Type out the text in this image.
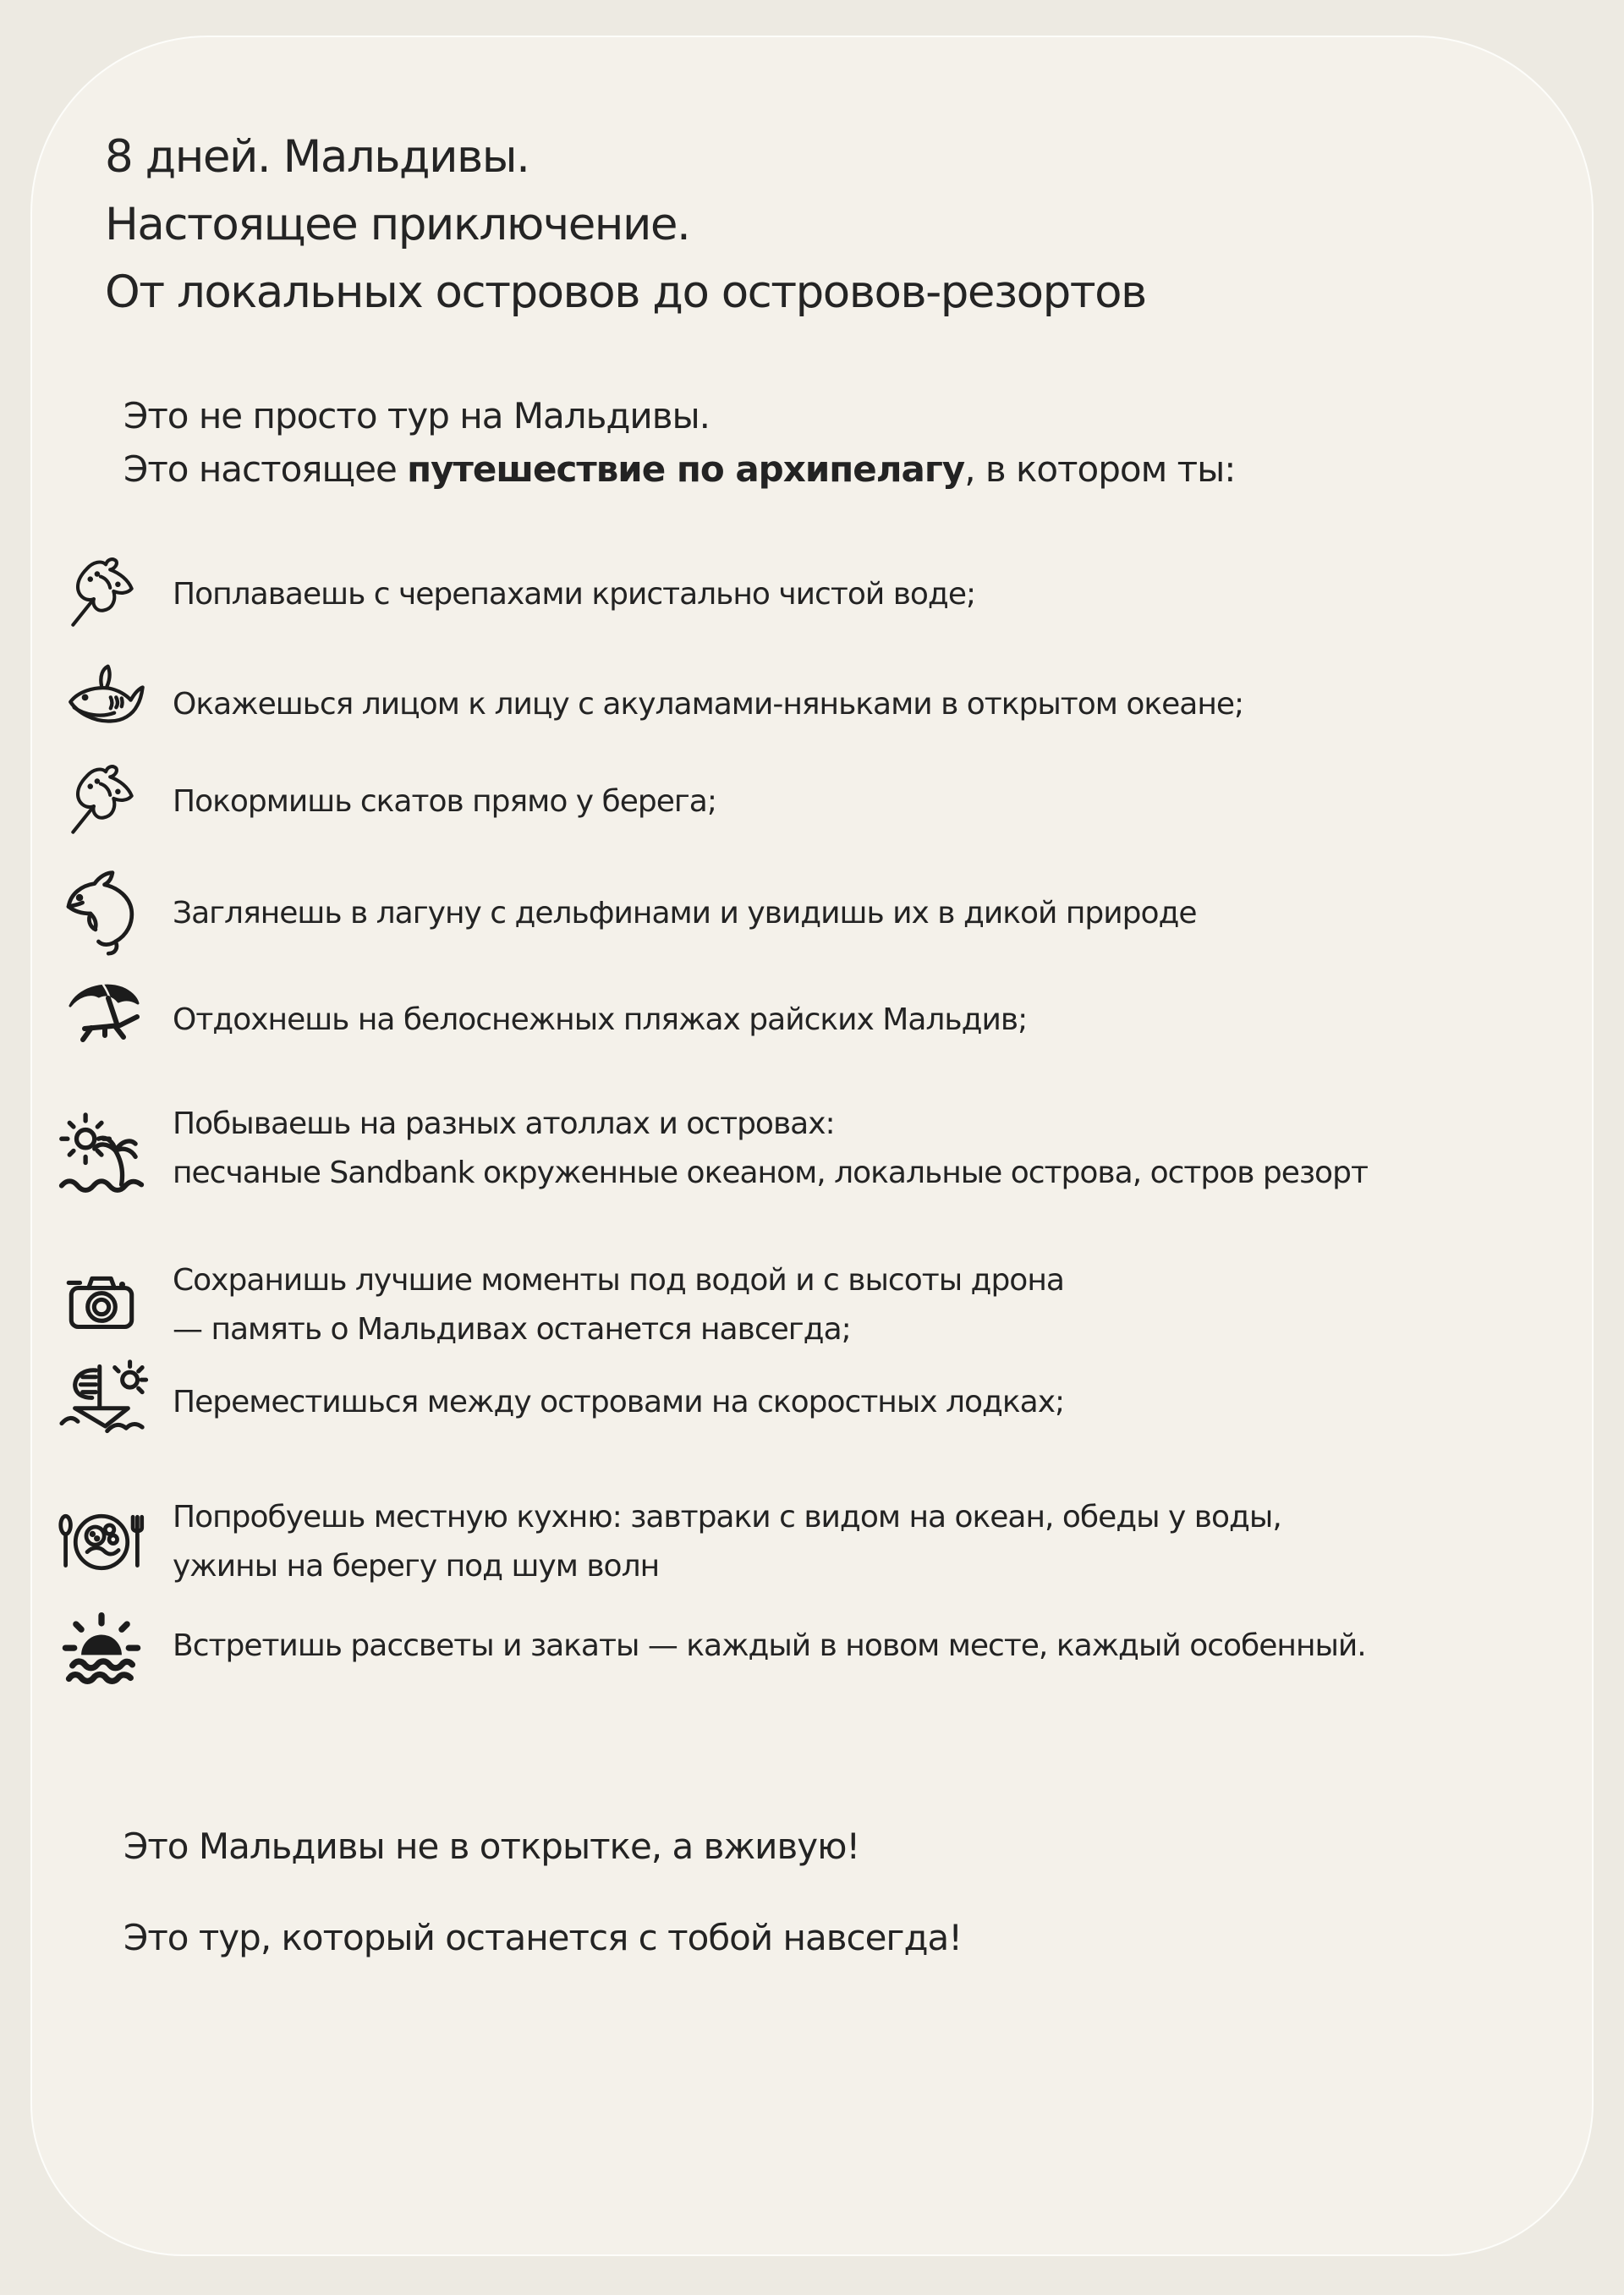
8 дней. Мальдивы.
Настоящее приключение.
От локальных островов до островов-резортов
Это не просто тур на Мальдивы.
Это настоящее путешествие по архипелагу, в котором ты:
Поплаваешь с черепахами кристально чистой воде;
Окажешься лицом к лицу с акуламами-няньками в открытом океане;
Покормишь скатов прямо у берега;
Заглянешь в лагуну с дельфинами и увидишь их в дикой природе
Отдохнешь на белоснежных пляжах райских Мальдив;
Побываешь на разных атоллах и островах:
песчаные Sandbank окруженные океаном, локальные острова, остров резорт
Сохранишь лучшие моменты под водой и с высоты дрона
— память о Мальдивах останется навсегда;
Переместишься между островами на скоростных лодках;
Попробуешь местную кухню: завтраки с видом на океан, обеды у воды,
ужины на берегу под шум волн
Встретишь рассветы и закаты — каждый в новом месте, каждый особенный.
Это Мальдивы не в открытке, а вживую!
Это тур, который останется с тобой навсегда!
